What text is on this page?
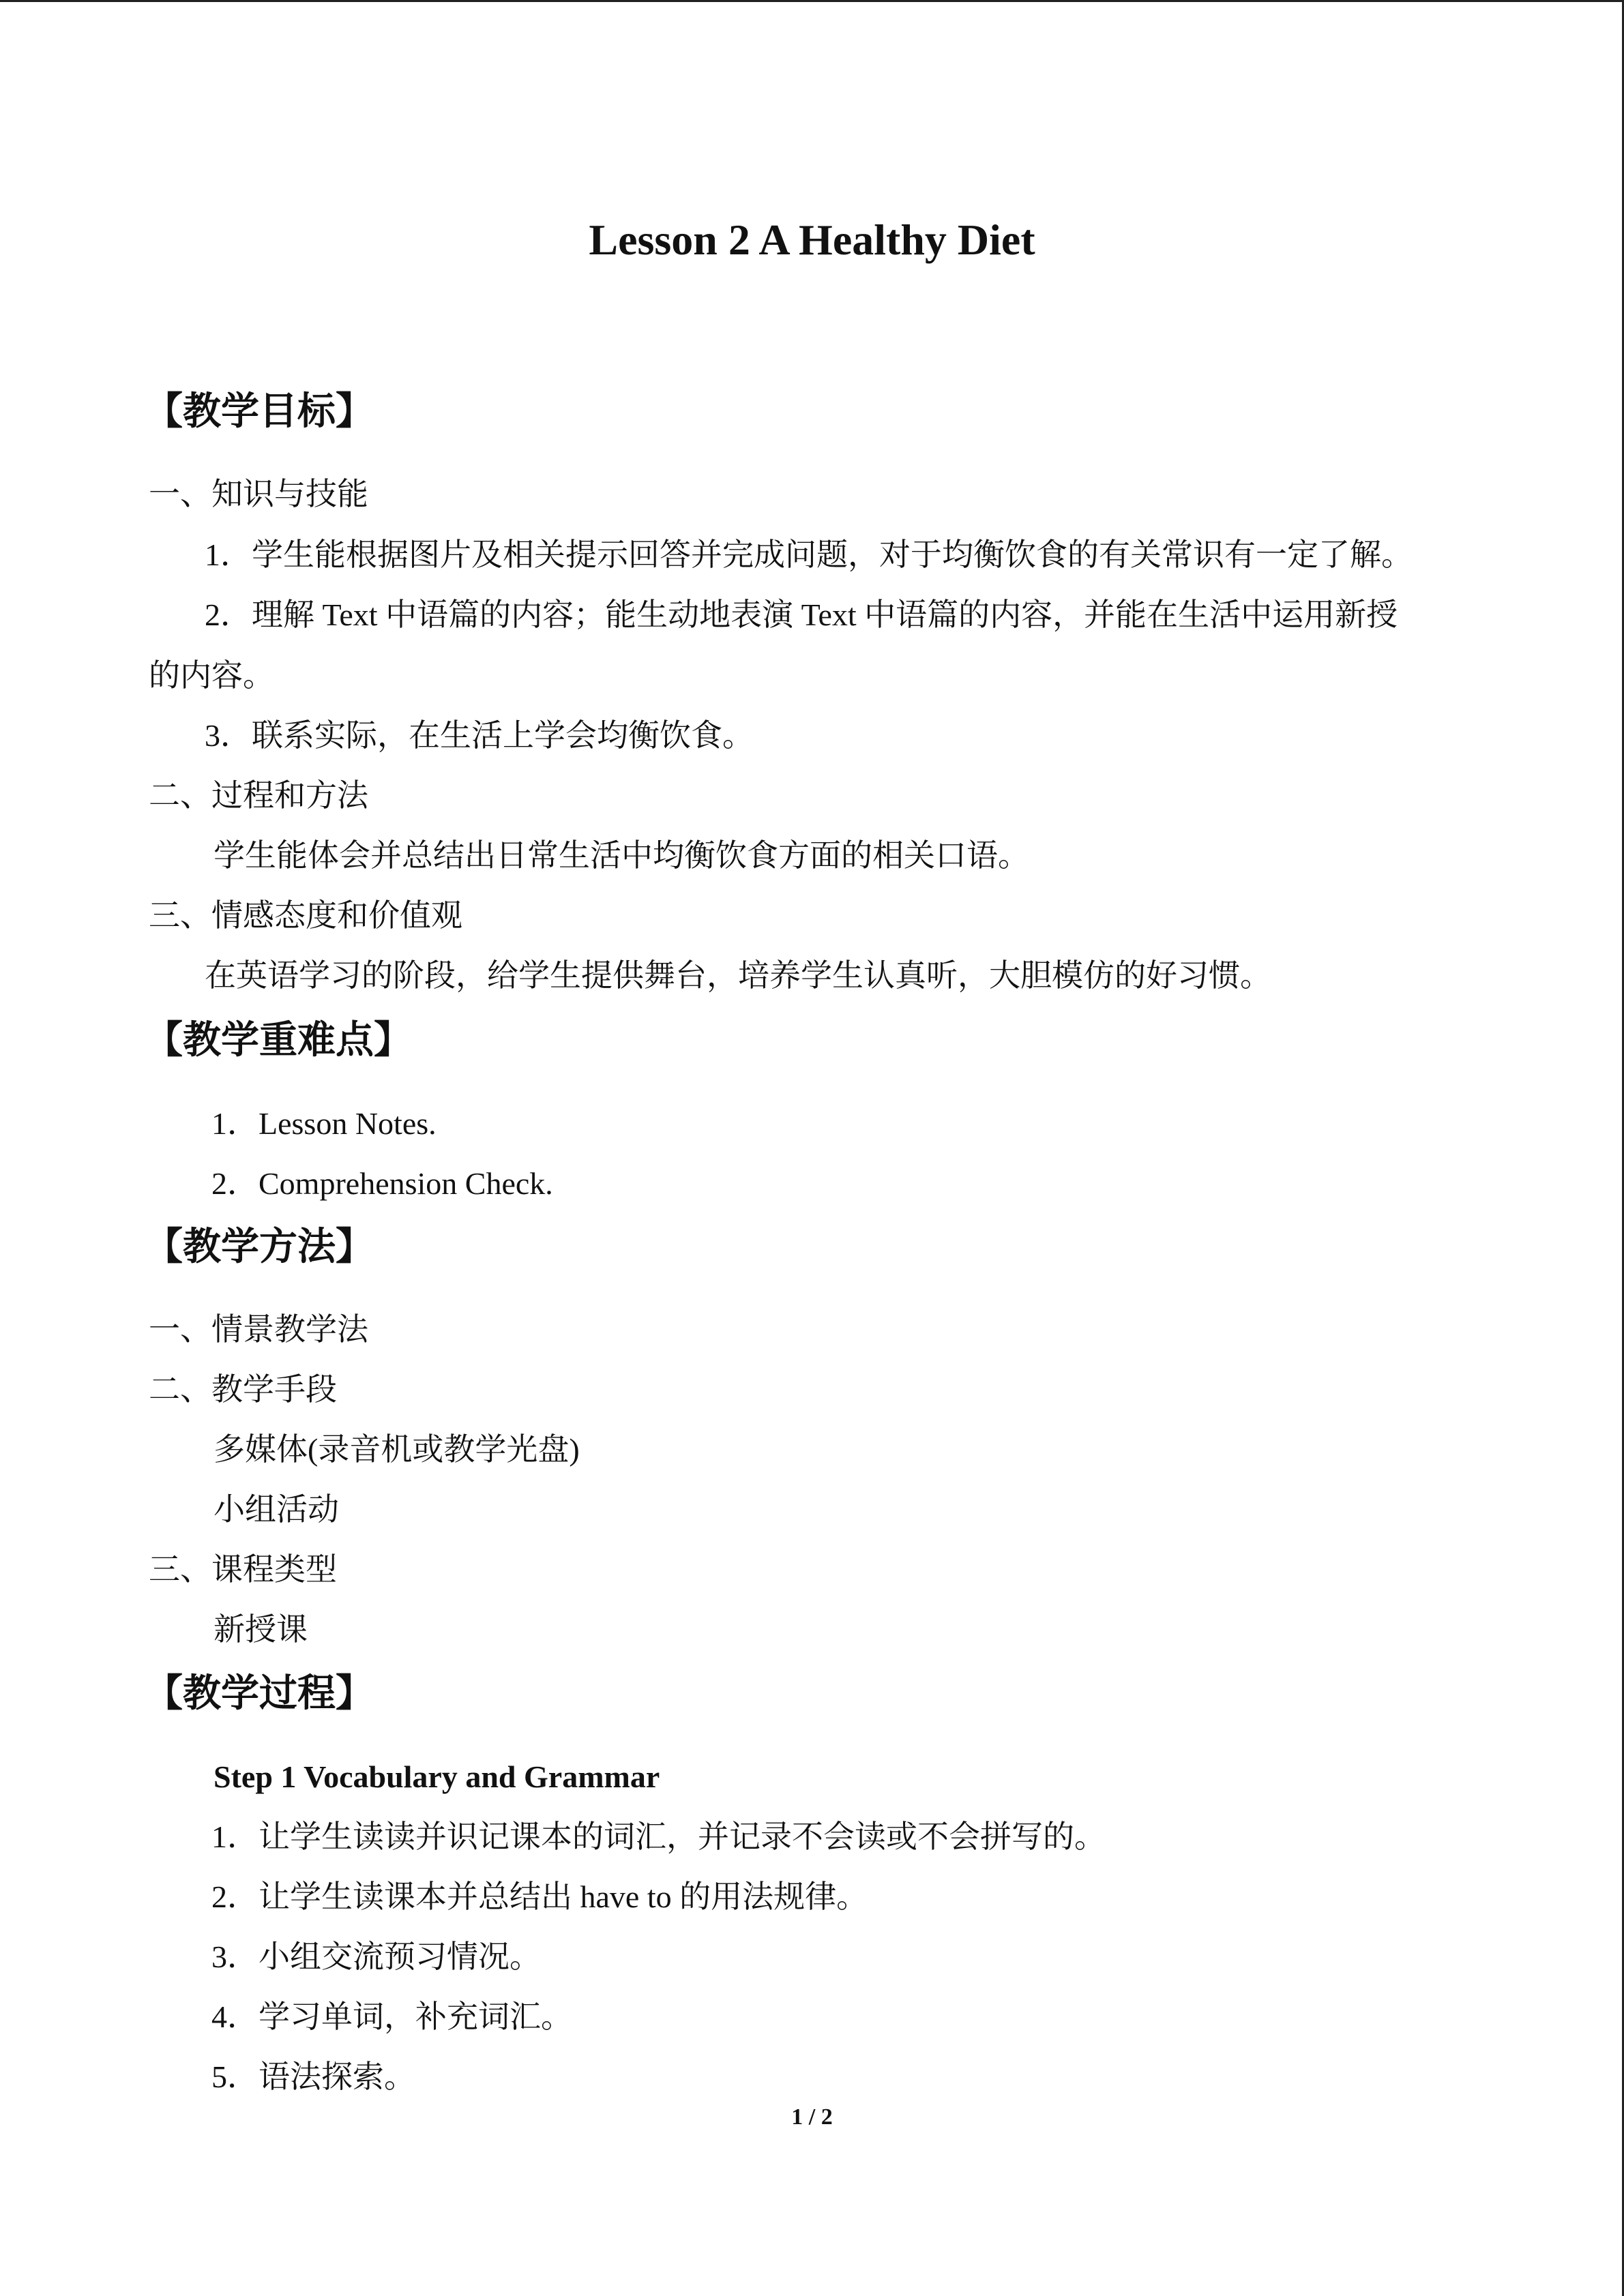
Lesson 2 A Healthy Diet
【教学目标】
一、知识与技能
1．学生能根据图片及相关提示回答并完成问题，对于均衡饮食的有关常识有一定了解。
2．理解 Text 中语篇的内容；能生动地表演 Text 中语篇的内容，并能在生活中运用新授
的内容。
3．联系实际，在生活上学会均衡饮食。
二、过程和方法
学生能体会并总结出日常生活中均衡饮食方面的相关口语。
三、情感态度和价值观
在英语学习的阶段，给学生提供舞台，培养学生认真听，大胆模仿的好习惯。
【教学重难点】
1．Lesson Notes.
2．Comprehension Check.
【教学方法】
一、情景教学法
二、教学手段
多媒体(录音机或教学光盘)
小组活动
三、课程类型
新授课
【教学过程】
Step 1 Vocabulary and Grammar
1．让学生读读并识记课本的词汇，并记录不会读或不会拼写的。
2．让学生读课本并总结出 have to 的用法规律。
3．小组交流预习情况。
4．学习单词，补充词汇。
5．语法探索。
1 / 2
